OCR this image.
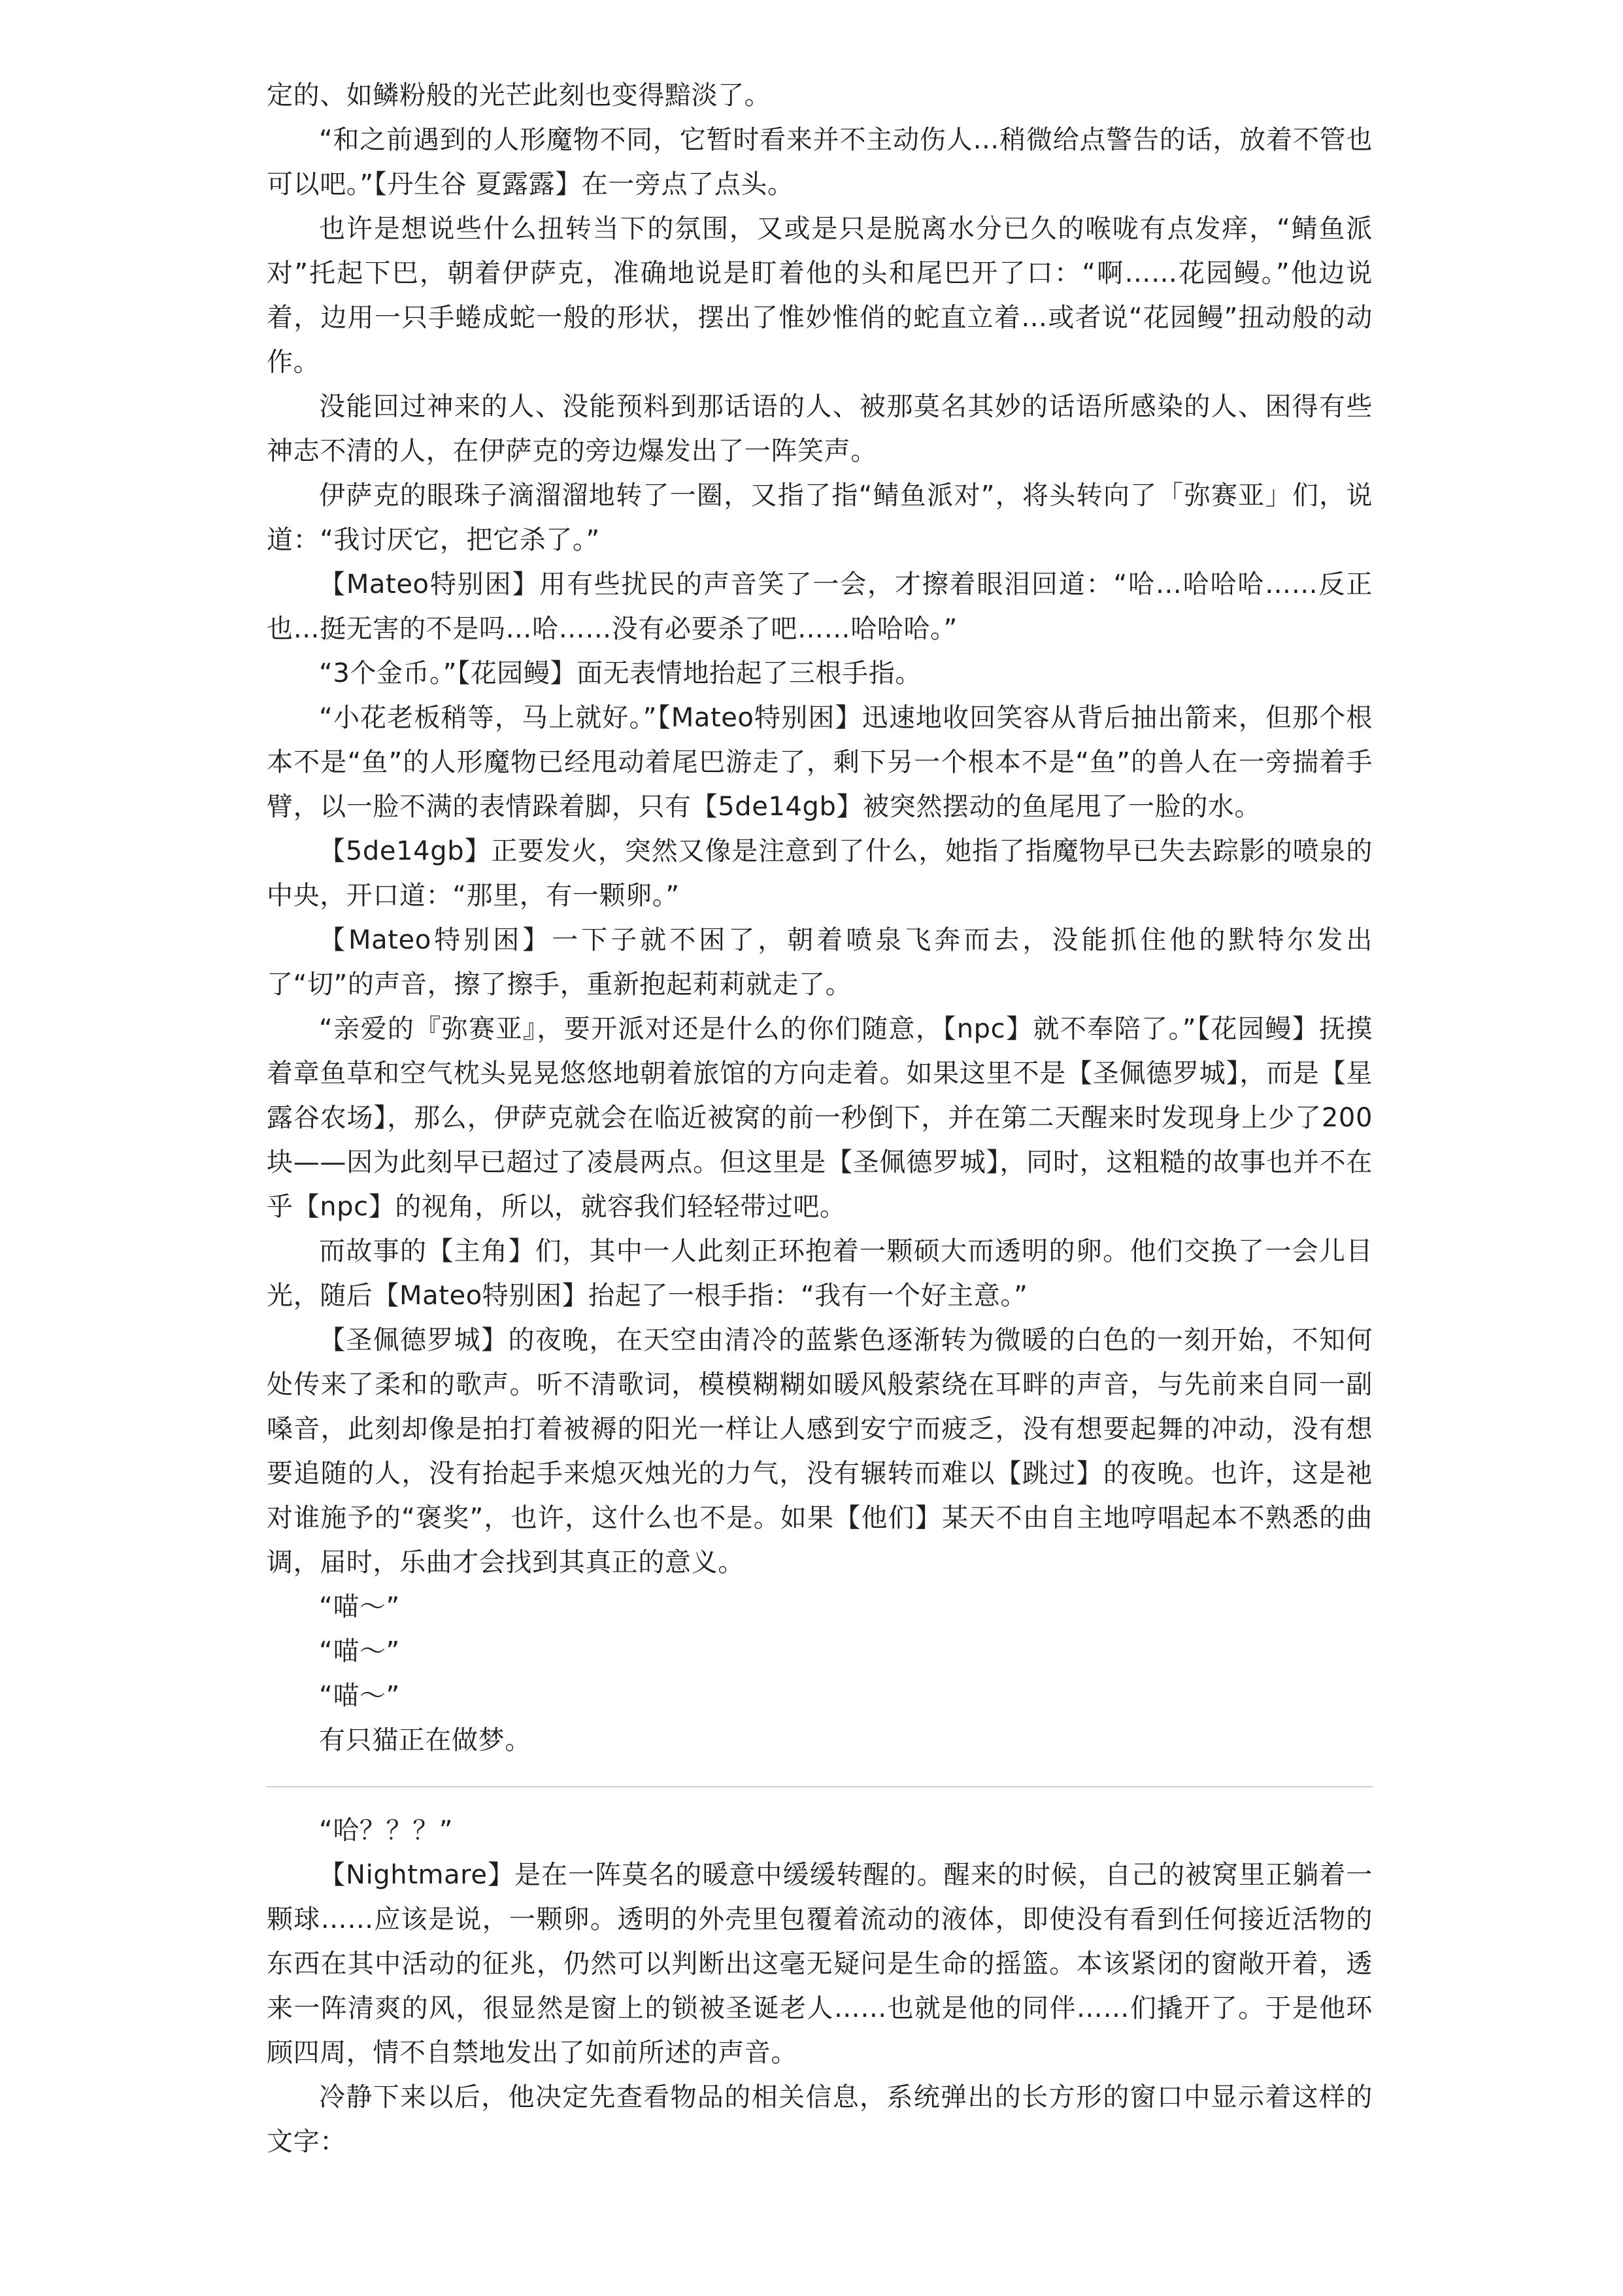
定的、如鳞粉般的光芒此刻也变得黯淡了。

“和之前遇到的人形魔物不同，它暂时看来并不主动伤人…稍微给点警告的话，放着不管也可以吧。”【丹生谷 夏露露】在一旁点了点头。

也许是想说些什么扭转当下的氛围，又或是只是脱离水分已久的喉咙有点发痒，“鲭鱼派对”托起下巴，朝着伊萨克，准确地说是盯着他的头和尾巴开了口：“啊……花园鳗。”他边说着，边用一只手蜷成蛇一般的形状，摆出了惟妙惟俏的蛇直立着…或者说“花园鳗”扭动般的动作。

没能回过神来的人、没能预料到那话语的人、被那莫名其妙的话语所感染的人、困得有些神志不清的人，在伊萨克的旁边爆发出了一阵笑声。

伊萨克的眼珠子滴溜溜地转了一圈，又指了指“鲭鱼派对”，将头转向了「弥赛亚」们，说道：“我讨厌它，把它杀了。”

【Mateo特别困】用有些扰民的声音笑了一会，才擦着眼泪回道：“哈…哈哈哈……反正也…挺无害的不是吗…哈……没有必要杀了吧……哈哈哈。”

“3个金币。”【花园鳗】面无表情地抬起了三根手指。

“小花老板稍等，马上就好。”【Mateo特别困】迅速地收回笑容从背后抽出箭来，但那个根本不是“鱼”的人形魔物已经甩动着尾巴游走了，剩下另一个根本不是“鱼”的兽人在一旁揣着手臂，以一脸不满的表情跺着脚，只有【5de14gb】被突然摆动的鱼尾甩了一脸的水。

【5de14gb】正要发火，突然又像是注意到了什么，她指了指魔物早已失去踪影的喷泉的中央，开口道：“那里，有一颗卵。”

【Mateo特别困】一下子就不困了，朝着喷泉飞奔而去，没能抓住他的默特尔发出了“切”的声音，擦了擦手，重新抱起莉莉就走了。

“亲爱的『弥赛亚』，要开派对还是什么的你们随意，【npc】就不奉陪了。”【花园鳗】抚摸着章鱼草和空气枕头晃晃悠悠地朝着旅馆的方向走着。如果这里不是【圣佩德罗城】，而是【星露谷农场】，那么，伊萨克就会在临近被窝的前一秒倒下，并在第二天醒来时发现身上少了200块——因为此刻早已超过了凌晨两点。但这里是【圣佩德罗城】，同时，这粗糙的故事也并不在乎【npc】的视角，所以，就容我们轻轻带过吧。

而故事的【主角】们，其中一人此刻正环抱着一颗硕大而透明的卵。他们交换了一会儿目光，随后【Mateo特别困】抬起了一根手指：“我有一个好主意。”

【圣佩德罗城】的夜晚，在天空由清冷的蓝紫色逐渐转为微暖的白色的一刻开始，不知何处传来了柔和的歌声。听不清歌词，模模糊糊如暖风般萦绕在耳畔的声音，与先前来自同一副嗓音，此刻却像是拍打着被褥的阳光一样让人感到安宁而疲乏，没有想要起舞的冲动，没有想要追随的人，没有抬起手来熄灭烛光的力气，没有辗转而难以【跳过】的夜晚。也许，这是祂对谁施予的“褒奖”，也许，这什么也不是。如果【他们】某天不由自主地哼唱起本不熟悉的曲调，届时，乐曲才会找到其真正的意义。

“喵～”

“喵～”

“喵～”

有只猫正在做梦。

“哈？？？”

【Nightmare】是在一阵莫名的暖意中缓缓转醒的。醒来的时候，自己的被窝里正躺着一颗球……应该是说，一颗卵。透明的外壳里包覆着流动的液体，即使没有看到任何接近活物的东西在其中活动的征兆，仍然可以判断出这毫无疑问是生命的摇篮。本该紧闭的窗敞开着，透来一阵清爽的风，很显然是窗上的锁被圣诞老人……也就是他的同伴……们撬开了。于是他环顾四周，情不自禁地发出了如前所述的声音。

冷静下来以后，他决定先查看物品的相关信息，系统弹出的长方形的窗口中显示着这样的文字：
